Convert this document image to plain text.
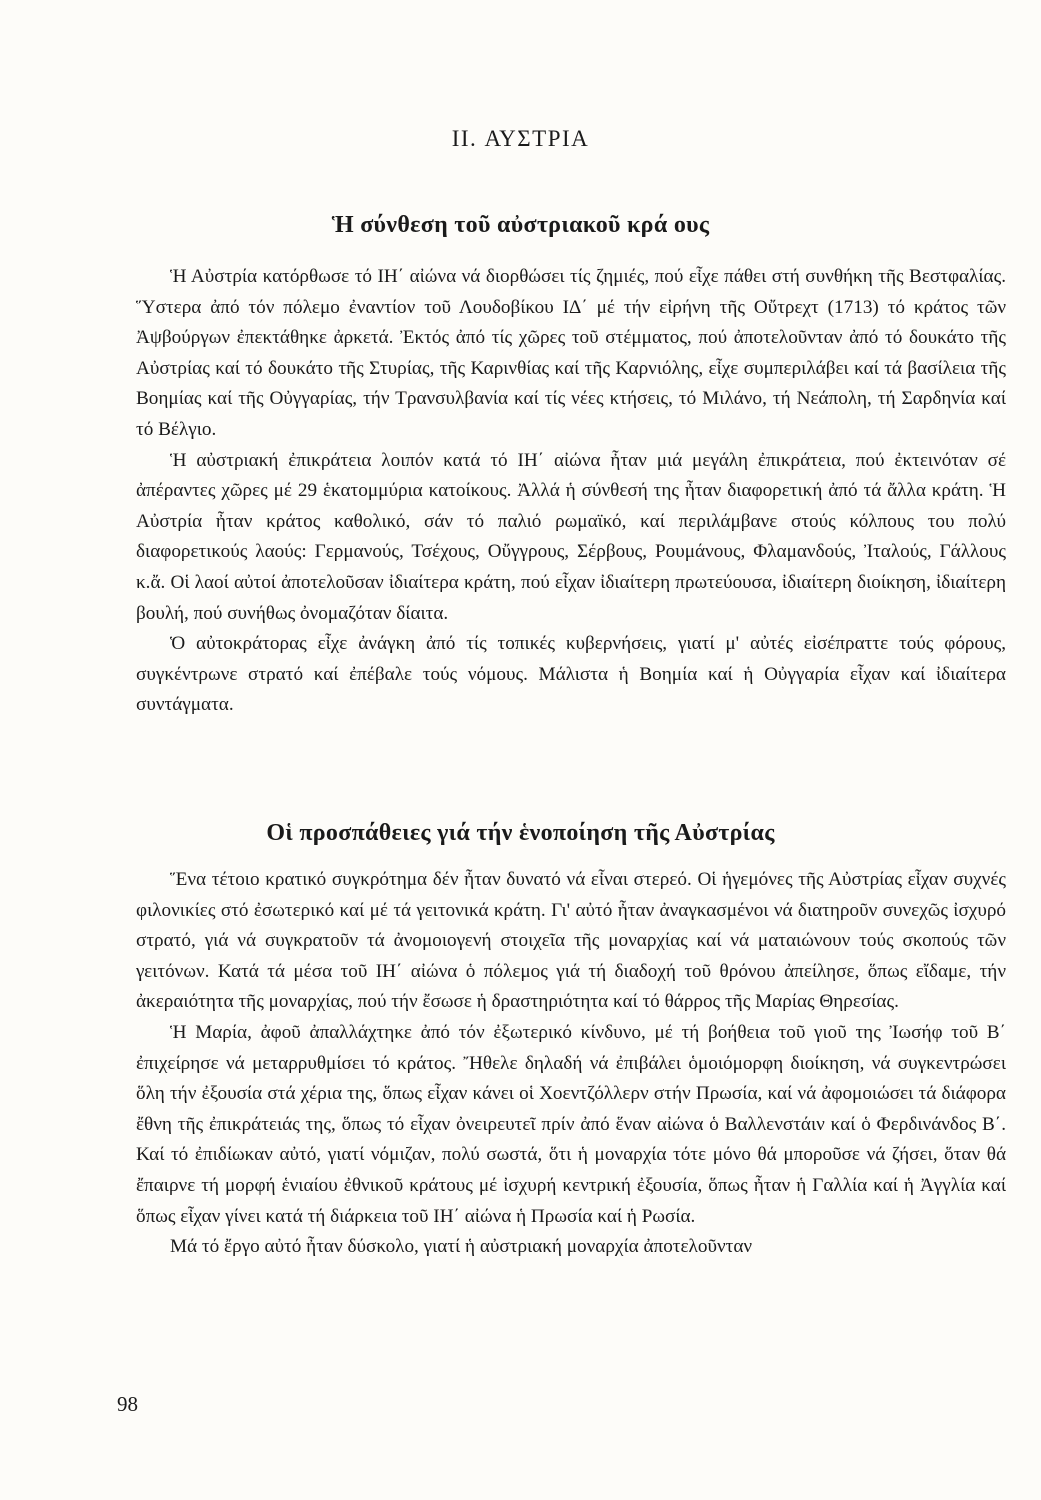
II. ΑΥΣΤΡΙΑ
Ἡ σύνθεση τοῦ αὐστριακοῦ κρά ους

Ἡ Αὐστρία κατόρθωσε τό ΙΗ΄ αἰώνα νά διορθώσει τίς ζημιές, πού εἶχε πάθει στή συνθήκη τῆς Βεστφαλίας. Ὕστερα ἀπό τόν πόλεμο ἐναντίον τοῦ Λουδοβίκου ΙΔ΄ μέ τήν εἰρήνη τῆς Οὔτρεχτ (1713) τό κράτος τῶν Ἀψβούργων ἐπεκτάθηκε ἀρκετά. Ἐκτός ἀπό τίς χῶρες τοῦ στέμματος, πού ἀποτελοῦνταν ἀπό τό δουκάτο τῆς Αὐστρίας καί τό δουκάτο τῆς Στυρίας, τῆς Καρινθίας καί τῆς Καρνιόλης, εἶχε συμπεριλάβει καί τά βασίλεια τῆς Βοημίας καί τῆς Οὐγγαρίας, τήν Τρανσυλβανία καί τίς νέες κτήσεις, τό Μιλάνο, τή Νεάπολη, τή Σαρδηνία καί τό Βέλγιο.

Ἡ αὐστριακή ἐπικράτεια λοιπόν κατά τό ΙΗ΄ αἰώνα ἦταν μιά μεγάλη ἐπικράτεια, πού ἐκτεινόταν σέ ἀπέραντες χῶρες μέ 29 ἑκατομμύρια κατοίκους. Ἀλλά ἡ σύνθεσή της ἦταν διαφορετική ἀπό τά ἄλλα κράτη. Ἡ Αὐστρία ἦταν κράτος καθολικό, σάν τό παλιό ρωμαϊκό, καί περιλάμβανε στούς κόλπους του πολύ διαφορετικούς λαούς: Γερμανούς, Τσέχους, Οὔγγρους, Σέρβους, Ρουμάνους, Φλαμανδούς, Ἰταλούς, Γάλλους κ.ἄ. Οἱ λαοί αὐτοί ἀποτελοῦσαν ἰδιαίτερα κράτη, πού εἶχαν ἰδιαίτερη πρωτεύουσα, ἰδιαίτερη διοίκηση, ἰδιαίτερη βουλή, πού συνήθως ὀνομαζόταν δίαιτα.

Ὁ αὐτοκράτορας εἶχε ἀνάγκη ἀπό τίς τοπικές κυβερνήσεις, γιατί μ' αὐτές εἰσέπραττε τούς φόρους, συγκέντρωνε στρατό καί ἐπέβαλε τούς νόμους. Μάλιστα ἡ Βοημία καί ἡ Οὐγγαρία εἶχαν καί ἰδιαίτερα συντάγματα.

Οἱ προσπάθειες γιά τήν ἑνοποίηση τῆς Αὐστρίας

Ἕνα τέτοιο κρατικό συγκρότημα δέν ἦταν δυνατό νά εἶναι στερεό. Οἱ ἡγεμόνες τῆς Αὐστρίας εἶχαν συχνές φιλονικίες στό ἐσωτερικό καί μέ τά γειτονικά κράτη. Γι' αὐτό ἦταν ἀναγκασμένοι νά διατηροῦν συνεχῶς ἰσχυρό στρατό, γιά νά συγκρατοῦν τά ἀνομοιογενή στοιχεῖα τῆς μοναρχίας καί νά ματαιώνουν τούς σκοπούς τῶν γειτόνων. Κατά τά μέσα τοῦ ΙΗ΄ αἰώνα ὁ πόλεμος γιά τή διαδοχή τοῦ θρόνου ἀπείλησε, ὅπως εἴδαμε, τήν ἀκεραιότητα τῆς μοναρχίας, πού τήν ἔσωσε ἡ δραστηριότητα καί τό θάρρος τῆς Μαρίας Θηρεσίας.

Ἡ Μαρία, ἀφοῦ ἀπαλλάχτηκε ἀπό τόν ἐξωτερικό κίνδυνο, μέ τή βοήθεια τοῦ γιοῦ της Ἰωσήφ τοῦ Β΄ ἐπιχείρησε νά μεταρρυθμίσει τό κράτος. Ἤθελε δηλαδή νά ἐπιβάλει ὁμοιόμορφη διοίκηση, νά συγκεντρώσει ὅλη τήν ἐξουσία στά χέρια της, ὅπως εἶχαν κάνει οἱ Χοεντζόλλερν στήν Πρωσία, καί νά ἀφομοιώσει τά διάφορα ἔθνη τῆς ἐπικράτειάς της, ὅπως τό εἶχαν ὀνειρευτεῖ πρίν ἀπό ἕναν αἰώνα ὁ Βαλλενστάιν καί ὁ Φερδινάνδος Β΄. Καί τό ἐπιδίωκαν αὐτό, γιατί νόμιζαν, πολύ σωστά, ὅτι ἡ μοναρχία τότε μόνο θά μποροῦσε νά ζήσει, ὅταν θά ἔπαιρνε τή μορφή ἑνιαίου ἐθνικοῦ κράτους μέ ἰσχυρή κεντρική ἐξουσία, ὅπως ἦταν ἡ Γαλλία καί ἡ Ἀγγλία καί ὅπως εἶχαν γίνει κατά τή διάρκεια τοῦ ΙΗ΄ αἰώνα ἡ Πρωσία καί ἡ Ρωσία.

Μά τό ἔργο αὐτό ἦταν δύσκολο, γιατί ἡ αὐστριακή μοναρχία ἀποτελοῦνταν

98
